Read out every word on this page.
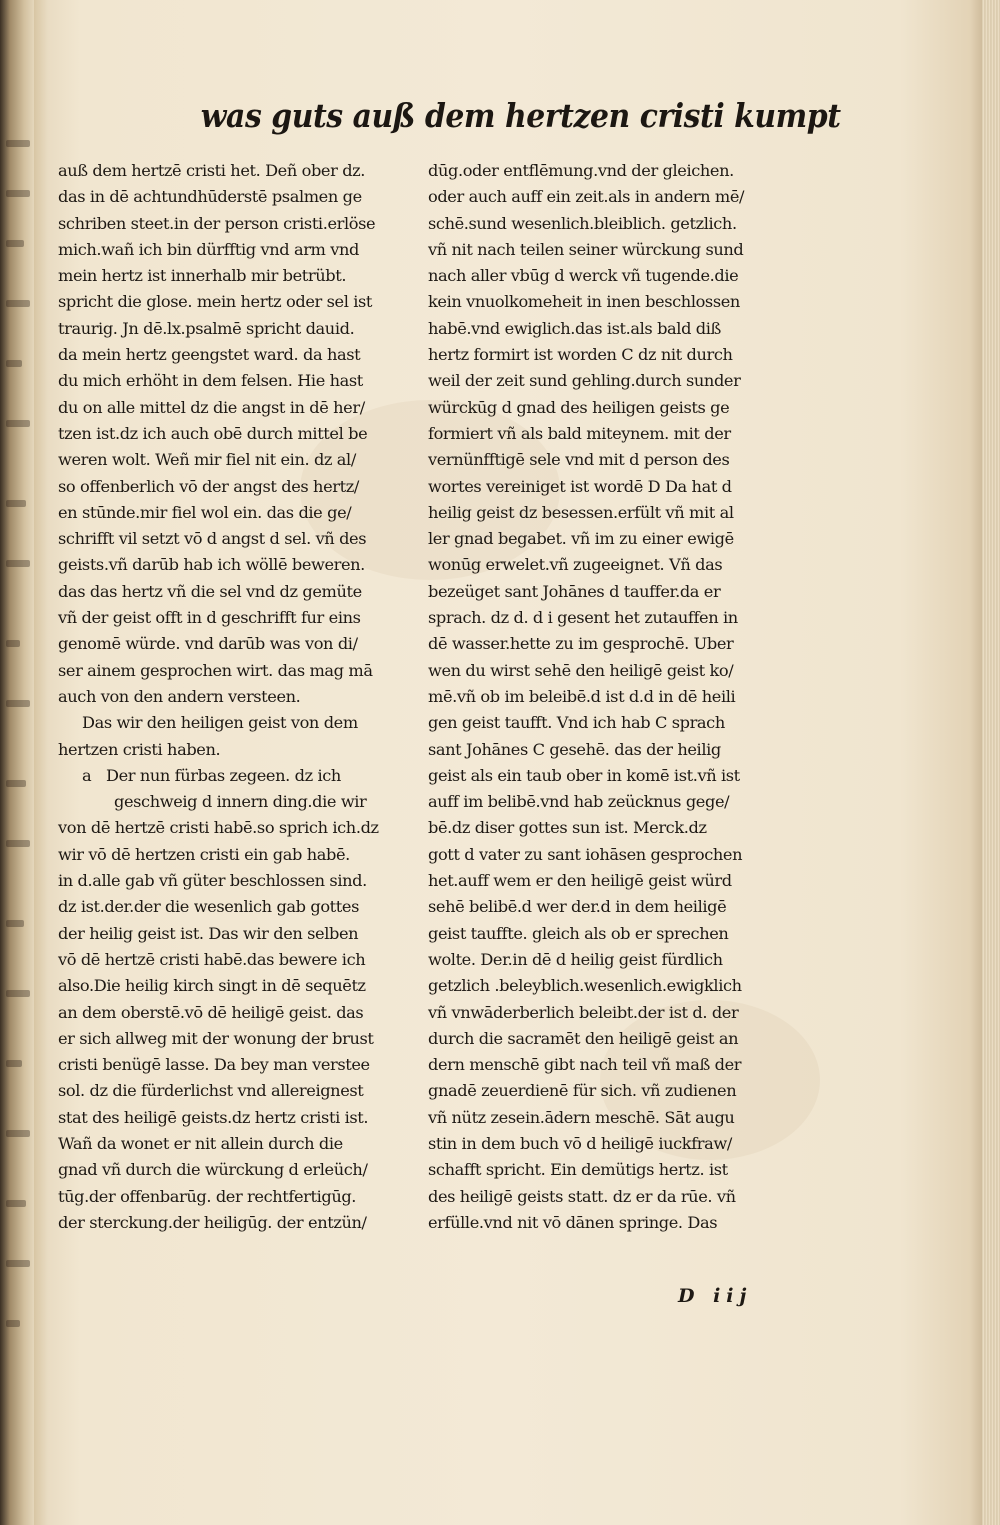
was guts auß dem hertzen cristi kumpt
auß dem hertzē cristi het. Deñ ober dz.
das in dē achtundhūderstē psalmen ge
schriben steet.in der person cristi.erlöse
mich.wañ ich bin dürfftig vnd arm vnd
mein hertz ist innerhalb mir betrübt.
spricht die glose. mein hertz oder sel ist
traurig. Jn dē.lx.psalmē spricht dauid.
da mein hertz geengstet ward. da hast
du mich erhöht in dem felsen. Hie hast
du on alle mittel dz die angst in dē her/
tzen ist.dz ich auch obē durch mittel be
weren wolt. Weñ mir fiel nit ein. dz al/
so offenberlich vō der angst des hertz/
en stūnde.mir fiel wol ein. das die ge/
schrifft vil setzt vō d angst d sel. vñ des
geists.vñ darūb hab ich wöllē beweren.
das das hertz vñ die sel vnd dz gemüte
vñ der geist offt in d geschrifft fur eins
genomē würde. vnd darūb was von di/
ser ainem gesprochen wirt. das mag mā
auch von den andern versteen.
Das wir den heiligen geist von dem
hertzen cristi haben.
a Der nun fürbas zegeen. dz ich
geschweig d innern ding.die wir
von dē hertzē cristi habē.so sprich ich.dz
wir vō dē hertzen cristi ein gab habē.
in d.alle gab vñ güter beschlossen sind.
dz ist.der.der die wesenlich gab gottes
der heilig geist ist. Das wir den selben
vō dē hertzē cristi habē.das bewere ich
also.Die heilig kirch singt in dē sequētz
an dem oberstē.vō dē heiligē geist. das
er sich allweg mit der wonung der brust
cristi benügē lasse. Da bey man verstee
sol. dz die fürderlichst vnd allereignest
stat des heiligē geists.dz hertz cristi ist.
Wañ da wonet er nit allein durch die
gnad vñ durch die würckung d erleüch/
tūg.der offenbarūg. der rechtfertigūg.
der sterckung.der heiligūg. der entzün/
dūg.oder entflēmung.vnd der gleichen.
oder auch auff ein zeit.als in andern mē/
schē.sund wesenlich.bleiblich. getzlich.
vñ nit nach teilen seiner würckung sund
nach aller vbūg d werck vñ tugende.die
kein vnuolkomeheit in inen beschlossen
habē.vnd ewiglich.das ist.als bald diß
hertz formirt ist worden C dz nit durch
weil der zeit sund gehling.durch sunder
würckūg d gnad des heiligen geists ge
formiert vñ als bald miteynem. mit der
vernünfftigē sele vnd mit d person des
wortes vereiniget ist wordē D Da hat d
heilig geist dz besessen.erfült vñ mit al
ler gnad begabet. vñ im zu einer ewigē
wonūg erwelet.vñ zugeeignet. Vñ das
bezeüget sant Johānes d tauffer.da er
sprach. dz d. d i gesent het zutauffen in
dē wasser.hette zu im gesprochē. Uber
wen du wirst sehē den heiligē geist ko/
mē.vñ ob im beleibē.d ist d.d in dē heili
gen geist taufft. Vnd ich hab C sprach
sant Johānes C gesehē. das der heilig
geist als ein taub ober in komē ist.vñ ist
auff im belibē.vnd hab zeücknus gege/
bē.dz diser gottes sun ist. Merck.dz
gott d vater zu sant iohāsen gesprochen
het.auff wem er den heiligē geist würd
sehē belibē.d wer der.d in dem heiligē
geist tauffte. gleich als ob er sprechen
wolte. Der.in dē d heilig geist fürdlich
getzlich .beleyblich.wesenlich.ewigklich
vñ vnwāderberlich beleibt.der ist d. der
durch die sacramēt den heiligē geist an
dern menschē gibt nach teil vñ maß der
gnadē zeuerdienē für sich. vñ zudienen
vñ nütz zesein.ādern meschē. Sāt augu
stin in dem buch vō d heiligē iuckfraw/
schafft spricht. Ein demütigs hertz. ist
des heiligē geists statt. dz er da rūe. vñ
erfülle.vnd nit vō dānen springe. Das
D iij
